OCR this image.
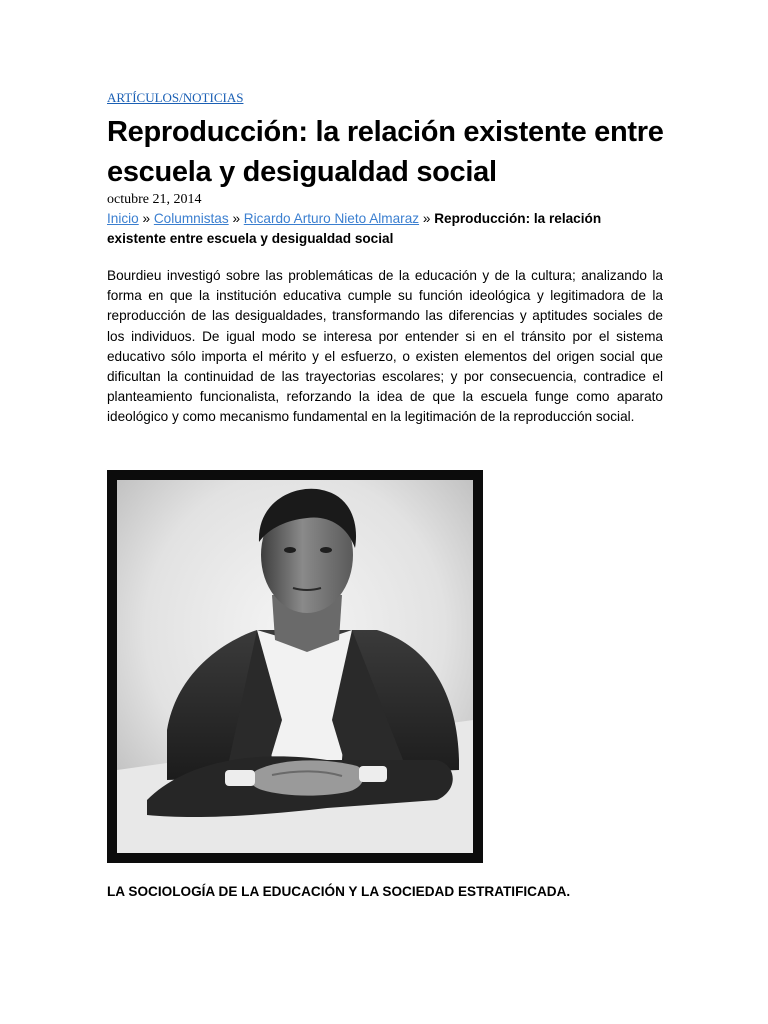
ARTÍCULOS/NOTICIAS
Reproducción: la relación existente entre escuela y desigualdad social
octubre 21, 2014
Inicio » Columnistas » Ricardo Arturo Nieto Almaraz » Reproducción: la relación existente entre escuela y desigualdad social

Bourdieu investigó sobre las problemáticas de la educación y de la cultura; analizando la forma en que la institución educativa cumple su función ideológica y legitimadora de la reproducción de las desigualdades, transformando las diferencias y aptitudes sociales de los individuos. De igual modo se interesa por entender si en el tránsito por el sistema educativo sólo importa el mérito y el esfuerzo, o existen elementos del origen social que dificultan la continuidad de las trayectorias escolares; y por consecuencia, contradice el planteamiento funcionalista, reforzando la idea de que la escuela funge como aparato ideológico y como mecanismo fundamental en la legitimación de la reproducción social.

LA SOCIOLOGÍA DE LA EDUCACIÓN Y LA SOCIEDAD ESTRATIFICADA.
